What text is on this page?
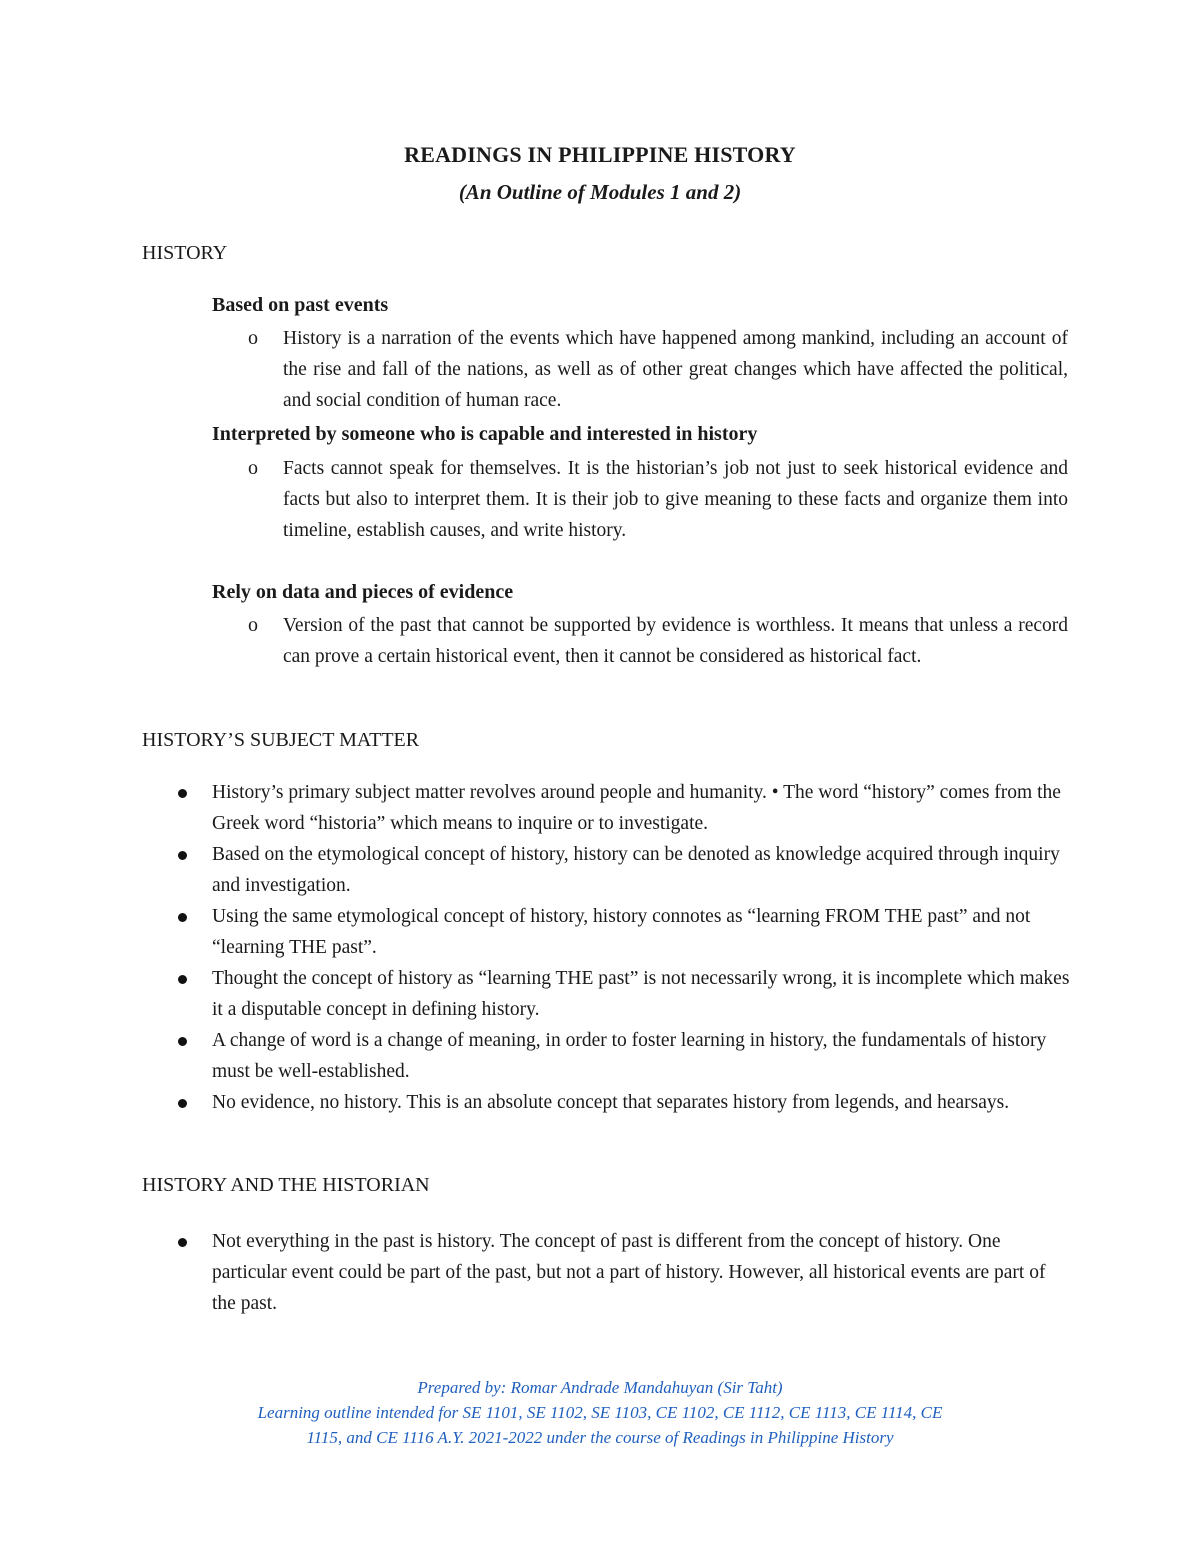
READINGS IN PHILIPPINE HISTORY
(An Outline of Modules 1 and 2)
HISTORY
Based on past events
o History is a narration of the events which have happened among mankind, including an account of the rise and fall of the nations, as well as of other great changes which have affected the political, and social condition of human race.
Interpreted by someone who is capable and interested in history
o Facts cannot speak for themselves. It is the historian’s job not just to seek historical evidence and facts but also to interpret them. It is their job to give meaning to these facts and organize them into timeline, establish causes, and write history.
Rely on data and pieces of evidence
o Version of the past that cannot be supported by evidence is worthless. It means that unless a record can prove a certain historical event, then it cannot be considered as historical fact.
HISTORY’S SUBJECT MATTER
History’s primary subject matter revolves around people and humanity. • The word “history” comes from the Greek word “historia” which means to inquire or to investigate.
Based on the etymological concept of history, history can be denoted as knowledge acquired through inquiry and investigation.
Using the same etymological concept of history, history connotes as “learning FROM THE past” and not “learning THE past”.
Thought the concept of history as “learning THE past” is not necessarily wrong, it is incomplete which makes it a disputable concept in defining history.
A change of word is a change of meaning, in order to foster learning in history, the fundamentals of history must be well-established.
No evidence, no history. This is an absolute concept that separates history from legends, and hearsays.
HISTORY AND THE HISTORIAN
Not everything in the past is history. The concept of past is different from the concept of history. One particular event could be part of the past, but not a part of history. However, all historical events are part of the past.
Prepared by: Romar Andrade Mandahuyan (Sir Taht)
Learning outline intended for SE 1101, SE 1102, SE 1103, CE 1102, CE 1112, CE 1113, CE 1114, CE
1115, and CE 1116 A.Y. 2021-2022 under the course of Readings in Philippine History
